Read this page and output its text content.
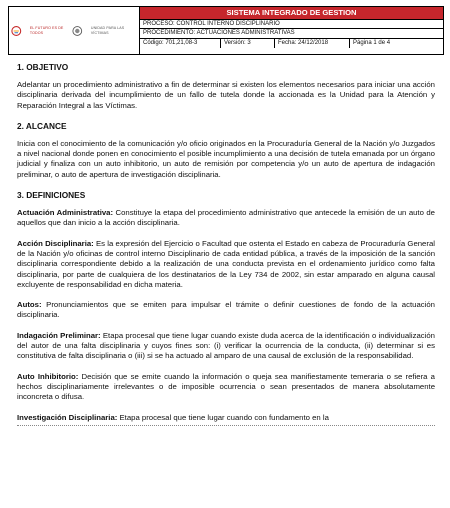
EL FUTURO ES DE TODOS
UNIDAD PARA LAS VÍCTIMAS
SISTEMA INTEGRADO DE GESTION
PROCESO: CONTROL INTERNO DISCIPLINARIO
PROCEDIMIENTO: ACTUACIONES ADMINISTRATIVAS
Código: 701,21,08-3	Versión: 3	Fecha: 24/12/2018	Página 1 de 4
1. OBJETIVO

Adelantar un procedimiento administrativo a fin de determinar si existen los elementos necesarios para iniciar una acción disciplinaria derivada del incumplimiento de un fallo de tutela donde la accionada es la Unidad para la Atención y Reparación Integral a las Víctimas.

2. ALCANCE

Inicia con el conocimiento de la comunicación y/o oficio originados en la Procuraduría General de la Nación y/o Juzgados a nivel nacional donde ponen en conocimiento el posible incumplimiento a una decisión de tutela emanada por un órgano judicial y finaliza con un auto inhibitorio, un auto de remisión por competencia y/o un auto de apertura de indagación preliminar, o auto de apertura de investigación disciplinaria.

3. DEFINICIONES

Actuación Administrativa: Constituye la etapa del procedimiento administrativo que antecede la emisión de un auto de aquellos que dan inicio a la acción disciplinaria.

Acción Disciplinaria: Es la expresión del Ejercicio o Facultad que ostenta el Estado en cabeza de Procuraduría General de la Nación y/o oficinas de control interno Disciplinario de cada entidad pública, a través de la imposición de la sanción disciplinaria correspondiente debido a la realización de una conducta prevista en el ordenamiento jurídico como falta disciplinaria, por parte de cualquiera de los destinatarios de la Ley 734 de 2002, sin estar amparado en alguna causal excluyente de responsabilidad en dicha materia.

Autos: Pronunciamientos que se emiten para impulsar el trámite o definir cuestiones de fondo de la actuación disciplinaria.

Indagación Preliminar: Etapa procesal que tiene lugar cuando existe duda acerca de la identificación o individualización del autor de una falta disciplinaria y cuyos fines son: (i) verificar la ocurrencia de la conducta, (ii) determinar si es constitutiva de falta disciplinaria o (iii) si se ha actuado al amparo de una causal de exclusión de la responsabilidad.

Auto Inhibitorio: Decisión que se emite cuando la información o queja sea manifiestamente temeraria o se refiera a hechos disciplinariamente irrelevantes o de imposible ocurrencia o sean presentados de manera absolutamente inconcreta o difusa.

Investigación Disciplinaria: Etapa procesal que tiene lugar cuando con fundamento en la
